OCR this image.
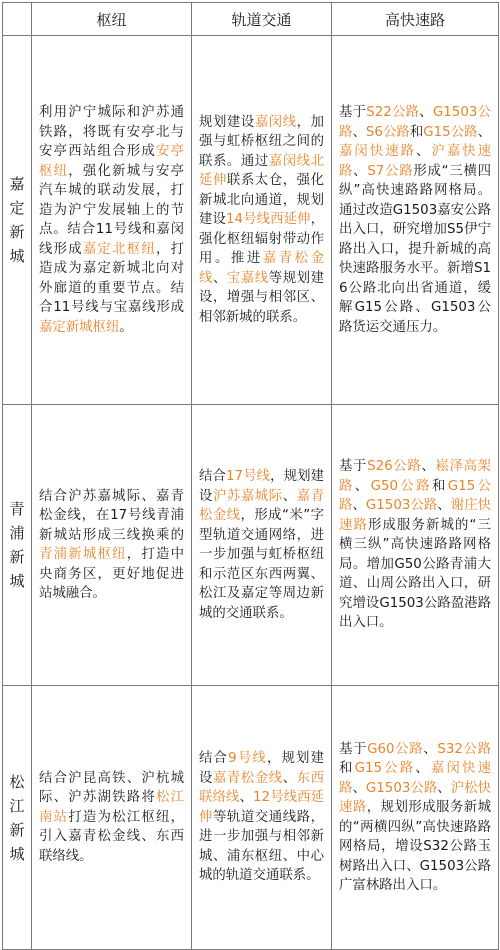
	枢纽	轨道交通	高快速路

嘉定新城	利用沪宁城际和沪苏通铁路，将既有安亭北与安亭西站组合形成安亭枢纽，强化新城与安亭汽车城的联动发展，打造为沪宁发展轴上的节点。结合11号线和嘉闵线形成嘉定北枢纽，打造成为嘉定新城北向对外廊道的重要节点。结合11号线与宝嘉线形成嘉定新城枢纽。	规划建设嘉闵线，加强与虹桥枢纽之间的联系。通过嘉闵线北延伸联系太仓，强化新城北向通道，规划建设14号线西延伸，强化枢纽辐射带动作用。推进嘉青松金线、宝嘉线等规划建设，增强与相邻区、相邻新城的联系。	基于S22公路、G1503公路、S6公路和G15公路、嘉闵快速路、沪嘉快速路、S7公路形成“三横四纵”高快速路路网格局。通过改造G1503嘉安公路出入口，研究增加S5伊宁路出入口，提升新城的高快速路服务水平。新增S16公路北向出省通道，缓解G15公路、G1503公路货运交通压力。

青浦新城	结合沪苏嘉城际、嘉青松金线，在17号线青浦新城站形成三线换乘的青浦新城枢纽，打造中央商务区，更好地促进站城融合。	结合17号线，规划建设沪苏嘉城际、嘉青松金线，形成“米”字型轨道交通网络，进一步加强与虹桥枢纽和示范区东西两翼、松江及嘉定等周边新城的交通联系。	基于S26公路、崧泽高架路、G50公路和G15公路、G1503公路、谢庄快速路形成服务新城的“三横三纵”高快速路路网格局。增加G50公路青浦大道、山周公路出入口，研究增设G1503公路盈港路出入口。

松江新城	结合沪昆高铁、沪杭城际、沪苏湖铁路将松江南站打造为松江枢纽，引入嘉青松金线、东西联络线。	结合9号线，规划建设嘉青松金线、东西联络线、12号线西延伸等轨道交通线路，进一步加强与相邻新城、浦东枢纽、中心城的轨道交通联系。	基于G60公路、S32公路和G15公路、嘉闵快速路、G1503公路、沪松快速路，规划形成服务新城的“两横四纵”高快速路路网格局，增设S32公路玉树路出入口、G1503公路广富林路出入口。
